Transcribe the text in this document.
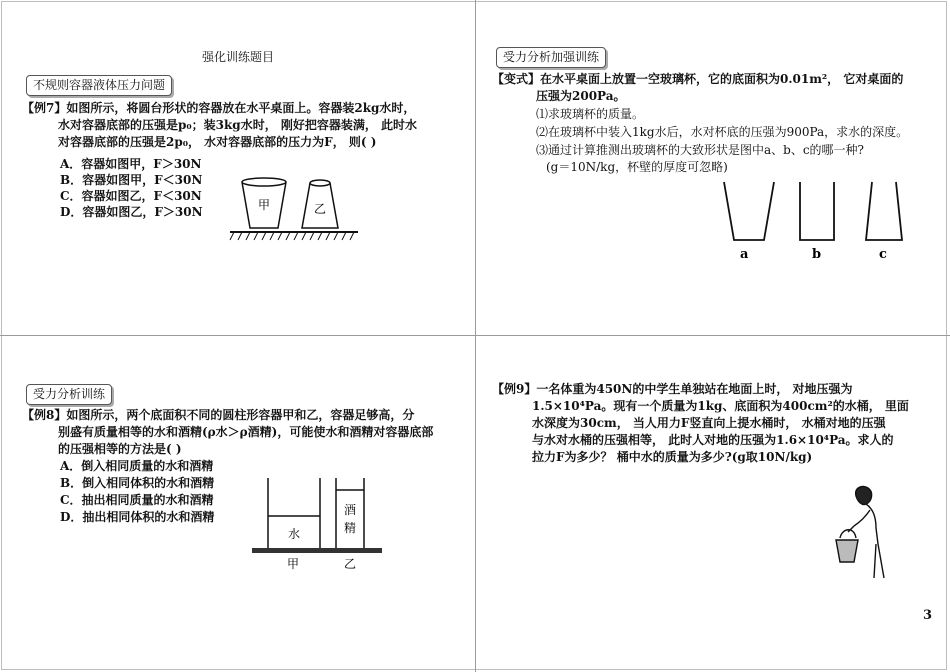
强化训练题目
不规则容器液体压力问题
【例7】如图所示，将圆台形状的容器放在水平桌面上。容器装2kg水时，
水对容器底部的压强是p₀；装3kg水时， 刚好把容器装满， 此时水
对容器底部的压强是2p₀， 水对容器底部的压力为F， 则( )
A．容器如图甲，F＞30N
B．容器如图甲，F＜30N
C．容器如图乙，F＜30N
D．容器如图乙，F＞30N	甲	乙
受力分析加强训练
【变式】在水平桌面上放置一空玻璃杯，它的底面积为0.01m²， 它对桌面的
压强为200Pa。
⑴求玻璃杯的质量。
⑵在玻璃杯中装入1kg水后，水对杯底的压强为900Pa，求水的深度。
⑶通过计算推测出玻璃杯的大致形状是图中a、b、c的哪一种?
(g＝10N/kg，杯壁的厚度可忽略)
a	b	c
受力分析训练
【例8】如图所示，两个底面积不同的圆柱形容器甲和乙，容器足够高，分
别盛有质量相等的水和酒精(ρ水＞ρ酒精)，可能使水和酒精对容器底部
的压强相等的方法是( )
A．倒入相同质量的水和酒精
B．倒入相同体积的水和酒精
C．抽出相同质量的水和酒精
D．抽出相同体积的水和酒精
水
酒
精
甲	乙
【例9】一名体重为450N的中学生单独站在地面上时， 对地压强为
1.5×10⁴Pa。现有一个质量为1kg、底面积为400cm²的水桶， 里面
水深度为30cm， 当人用力F竖直向上提水桶时， 水桶对地的压强
与水对水桶的压强相等， 此时人对地的压强为1.6×10⁴Pa。求人的
拉力F为多少？ 桶中水的质量为多少?(g取10N/kg)
3
